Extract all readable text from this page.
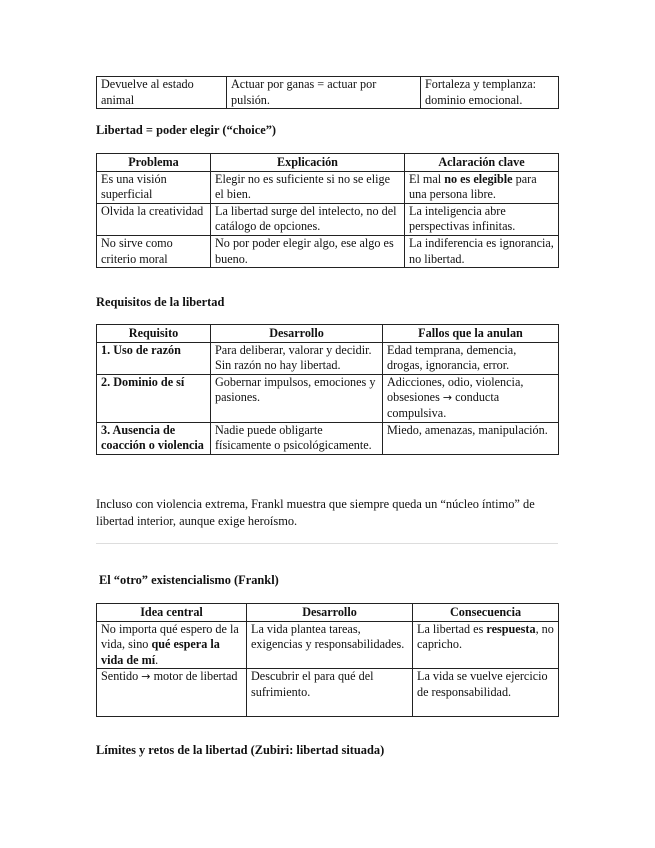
Devuelve al estado animal	Actuar por ganas = actuar por pulsión.	Fortaleza y templanza: dominio emocional.
Libertad = poder elegir (“choice”)
Problema	Explicación	Aclaración clave
Es una visión superficial	Elegir no es suficiente si no se elige el bien.	El mal no es elegible para una persona libre.
Olvida la creatividad	La libertad surge del intelecto, no del catálogo de opciones.	La inteligencia abre perspectivas infinitas.
No sirve como criterio moral	No por poder elegir algo, ese algo es bueno.	La indiferencia es ignorancia, no libertad.
Requisitos de la libertad
Requisito	Desarrollo	Fallos que la anulan
1. Uso de razón	Para deliberar, valorar y decidir. Sin razón no hay libertad.	Edad temprana, demencia, drogas, ignorancia, error.
2. Dominio de sí	Gobernar impulsos, emociones y pasiones.	Adicciones, odio, violencia, obsesiones → conducta compulsiva.
3. Ausencia de coacción o violencia	Nadie puede obligarte físicamente o psicológicamente.	Miedo, amenazas, manipulación.
Incluso con violencia extrema, Frankl muestra que siempre queda un “núcleo íntimo” de libertad interior, aunque exige heroísmo.
El “otro” existencialismo (Frankl)
Idea central	Desarrollo	Consecuencia
No importa qué espero de la vida, sino qué espera la vida de mí.	La vida plantea tareas, exigencias y responsabilidades.	La libertad es respuesta, no capricho.
Sentido → motor de libertad	Descubrir el para qué del sufrimiento.	La vida se vuelve ejercicio de responsabilidad.
Límites y retos de la libertad (Zubiri: libertad situada)
